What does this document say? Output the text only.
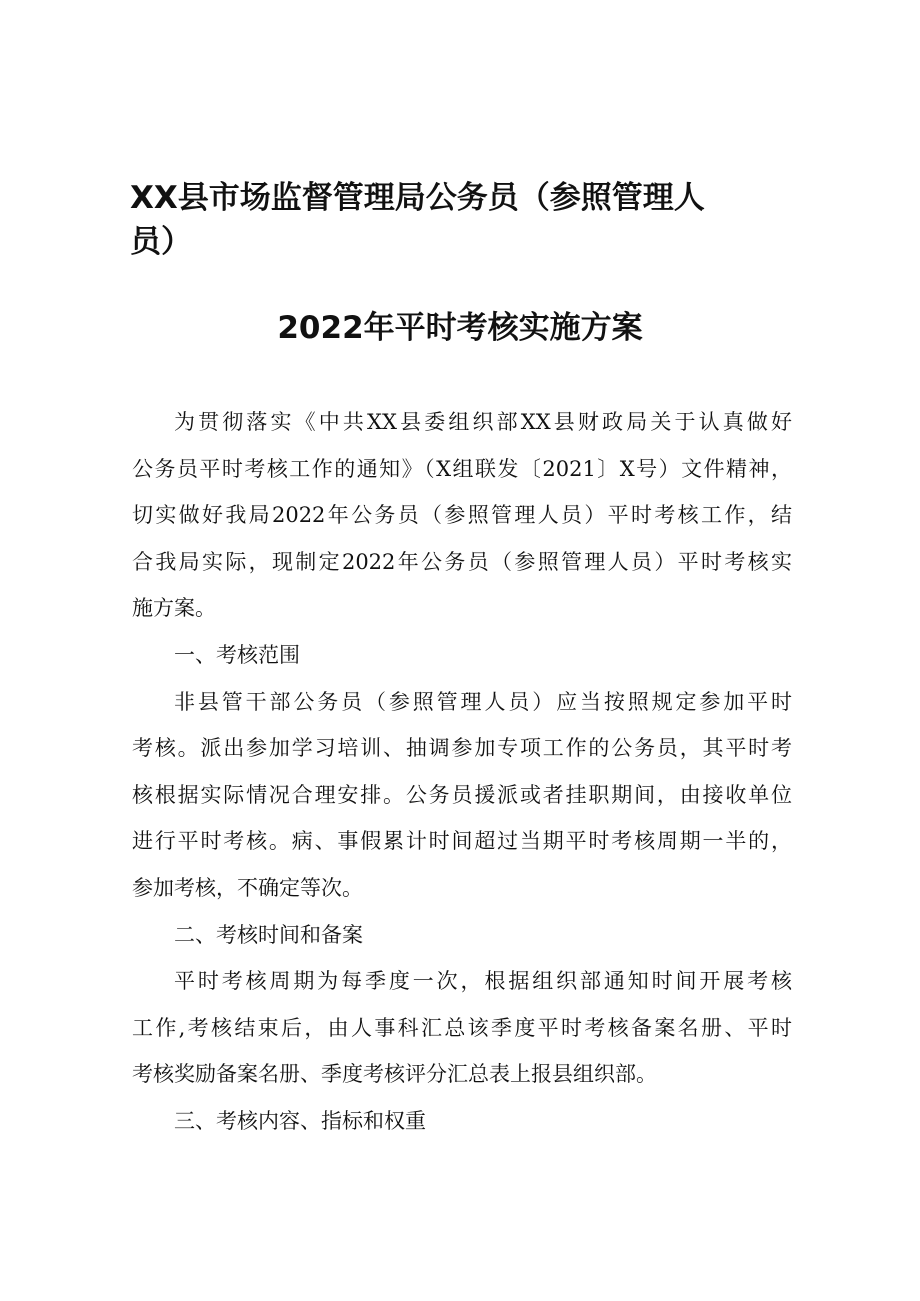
XX县市场监督管理局公务员（参照管理人
员）
2022年平时考核实施方案
为贯彻落实《中共XX县委组织部XX县财政局关于认真做好
公务员平时考核工作的通知》（X组联发〔2021〕X号）文件精神，
切实做好我局2022年公务员（参照管理人员）平时考核工作，结
合我局实际，现制定2022年公务员（参照管理人员）平时考核实
施方案。
一、考核范围
非县管干部公务员（参照管理人员）应当按照规定参加平时
考核。派出参加学习培训、抽调参加专项工作的公务员，其平时考
核根据实际情况合理安排。公务员援派或者挂职期间，由接收单位
进行平时考核。病、事假累计时间超过当期平时考核周期一半的，
参加考核，不确定等次。
二、考核时间和备案
平时考核周期为每季度一次，根据组织部通知时间开展考核
工作,考核结束后，由人事科汇总该季度平时考核备案名册、平时
考核奖励备案名册、季度考核评分汇总表上报县组织部。
三、考核内容、指标和权重
